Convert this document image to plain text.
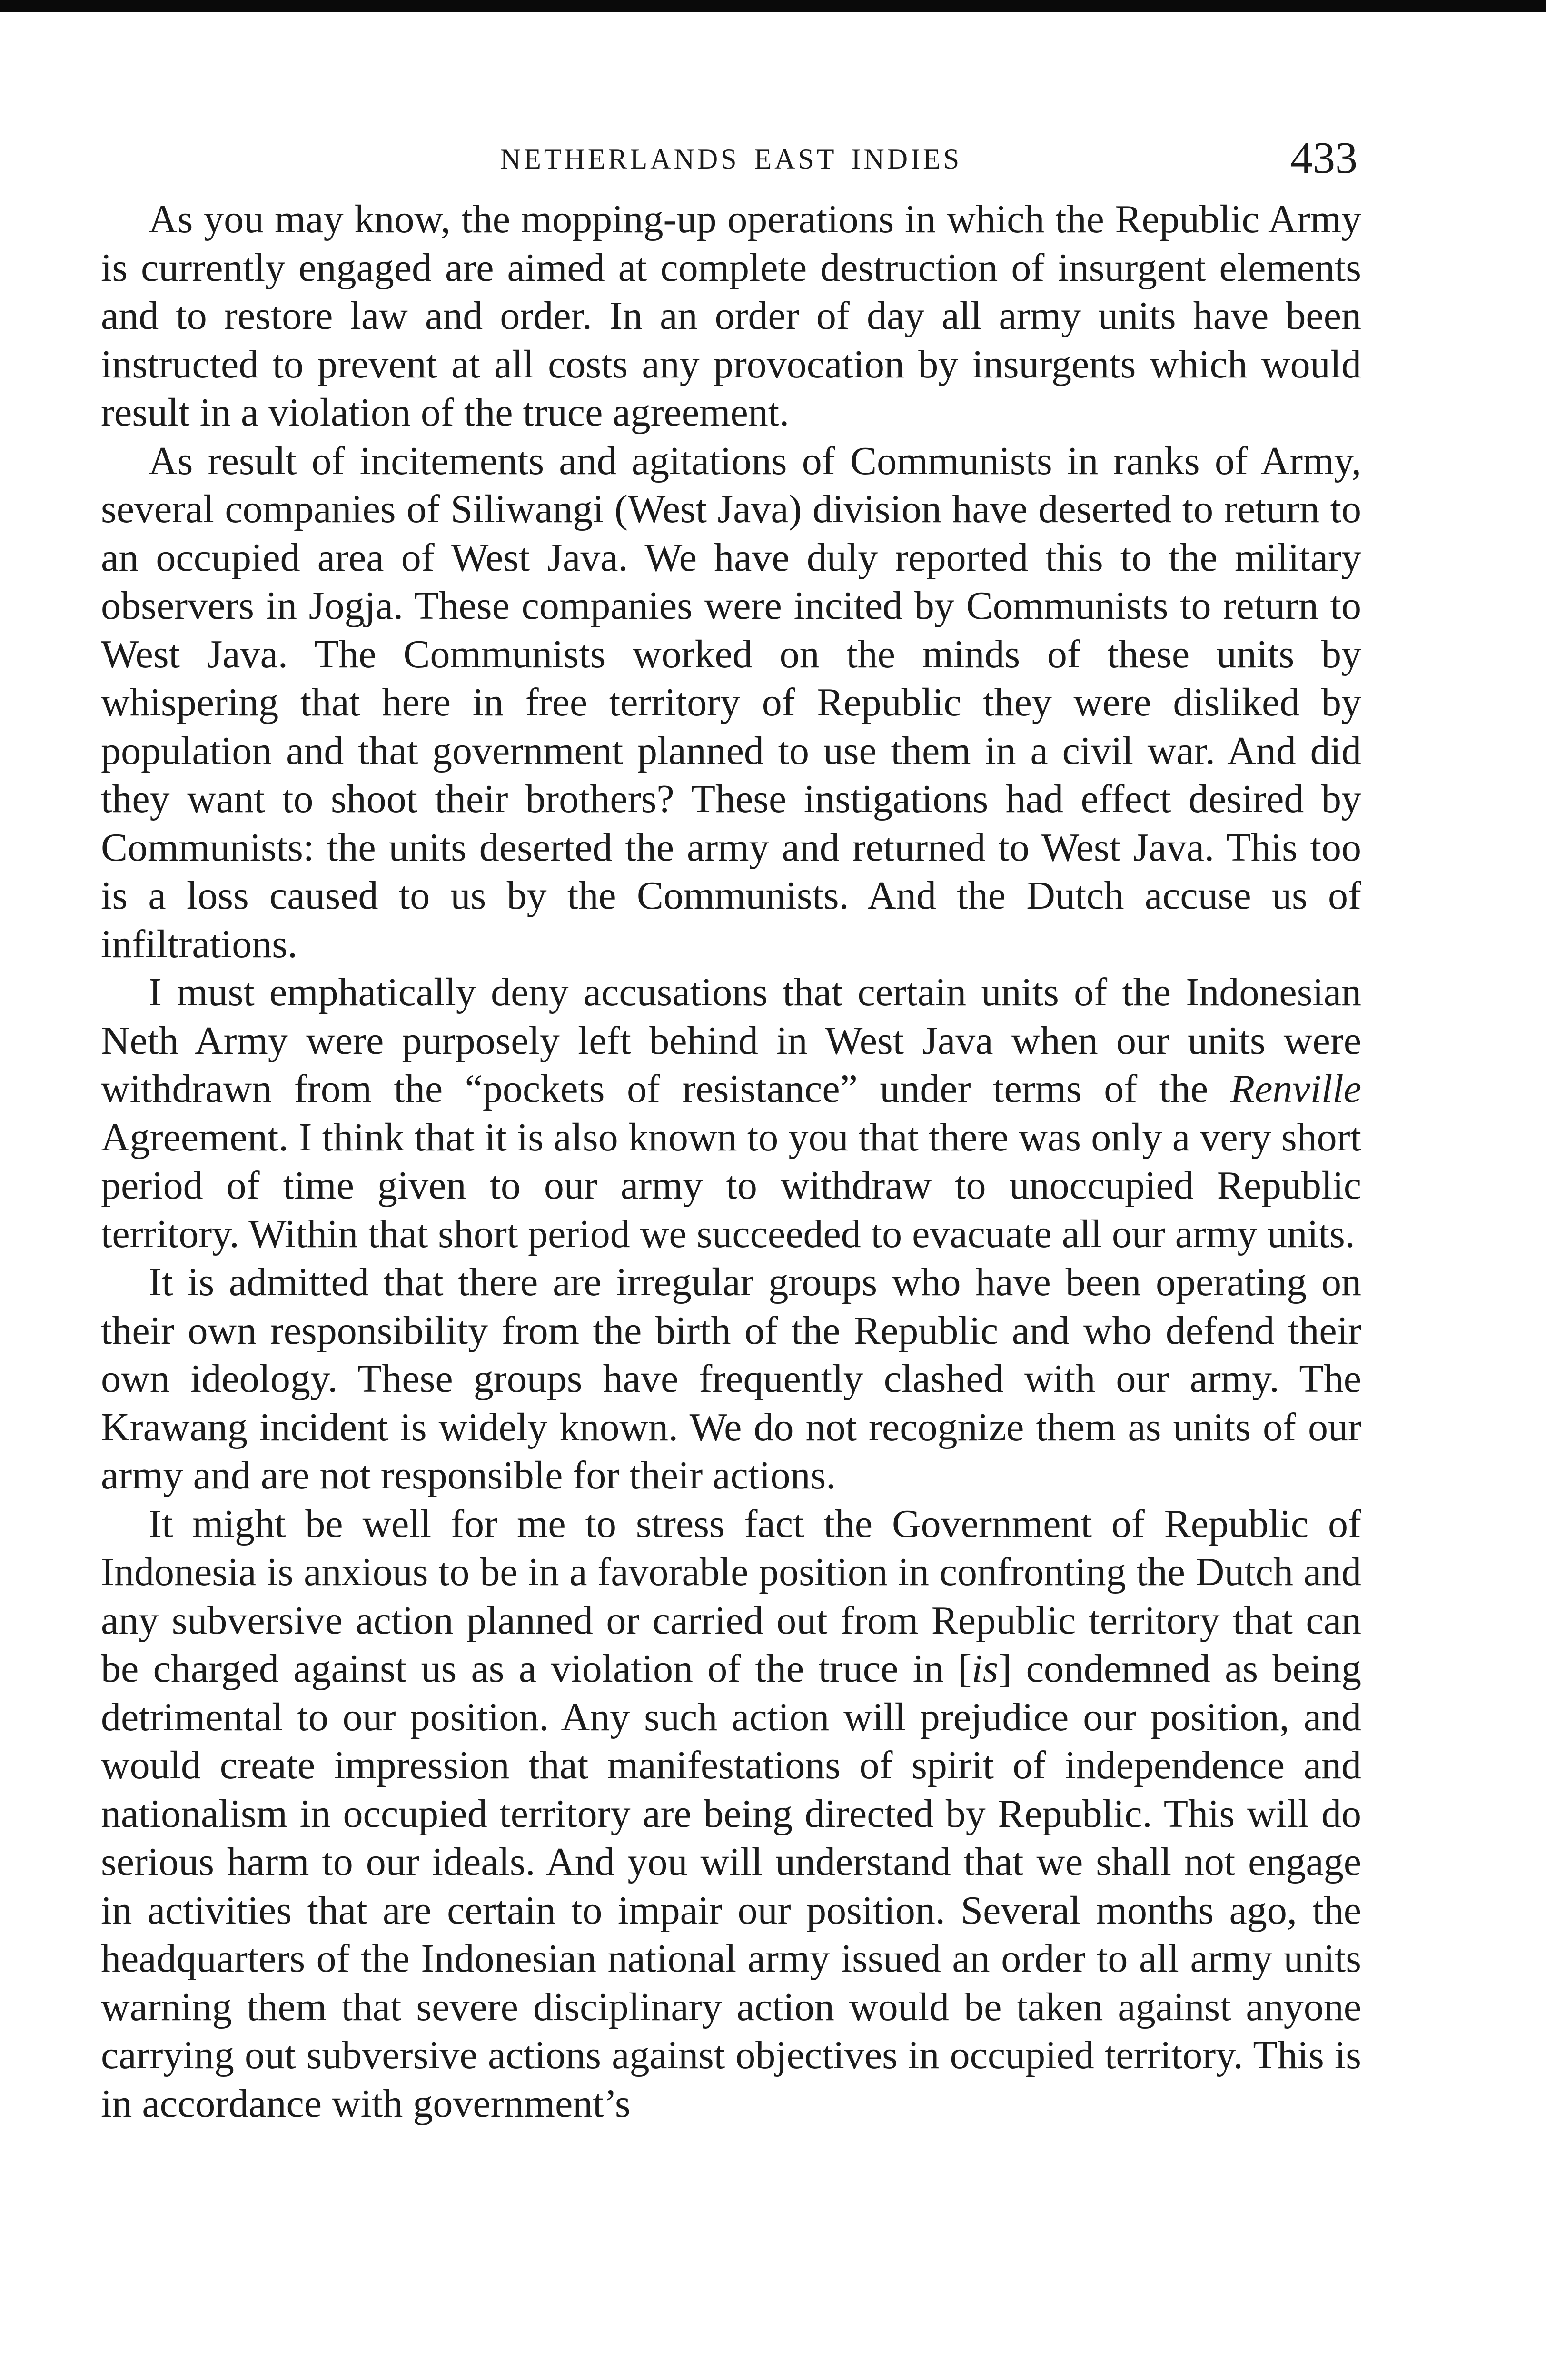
NETHERLANDS EAST INDIES	433

As you may know, the mopping-up operations in which the Republic Army is currently engaged are aimed at complete destruction of insurgent elements and to restore law and order. In an order of day all army units have been instructed to prevent at all costs any provocation by insurgents which would result in a violation of the truce agreement.

As result of incitements and agitations of Communists in ranks of Army, several companies of Siliwangi (West Java) division have deserted to return to an occupied area of West Java. We have duly reported this to the military observers in Jogja. These companies were incited by Communists to return to West Java. The Communists worked on the minds of these units by whispering that here in free territory of Republic they were disliked by population and that government planned to use them in a civil war. And did they want to shoot their brothers? These instigations had effect desired by Communists: the units deserted the army and returned to West Java. This too is a loss caused to us by the Communists. And the Dutch accuse us of infiltrations.

I must emphatically deny accusations that certain units of the Indonesian Neth Army were purposely left behind in West Java when our units were withdrawn from the “pockets of resistance” under terms of the Renville Agreement. I think that it is also known to you that there was only a very short period of time given to our army to withdraw to unoccupied Republic territory. Within that short period we succeeded to evacuate all our army units.

It is admitted that there are irregular groups who have been operating on their own responsibility from the birth of the Republic and who defend their own ideology. These groups have frequently clashed with our army. The Krawang incident is widely known. We do not recognize them as units of our army and are not responsible for their actions.

It might be well for me to stress fact the Government of Republic of Indonesia is anxious to be in a favorable position in confronting the Dutch and any subversive action planned or carried out from Republic territory that can be charged against us as a violation of the truce in [is] condemned as being detrimental to our position. Any such action will prejudice our position, and would create impression that manifestations of spirit of independence and nationalism in occupied territory are being directed by Republic. This will do serious harm to our ideals. And you will understand that we shall not engage in activities that are certain to impair our position. Several months ago, the headquarters of the Indonesian national army issued an order to all army units warning them that severe disciplinary action would be taken against anyone carrying out subversive actions against objectives in occupied territory. This is in accordance with government’s
